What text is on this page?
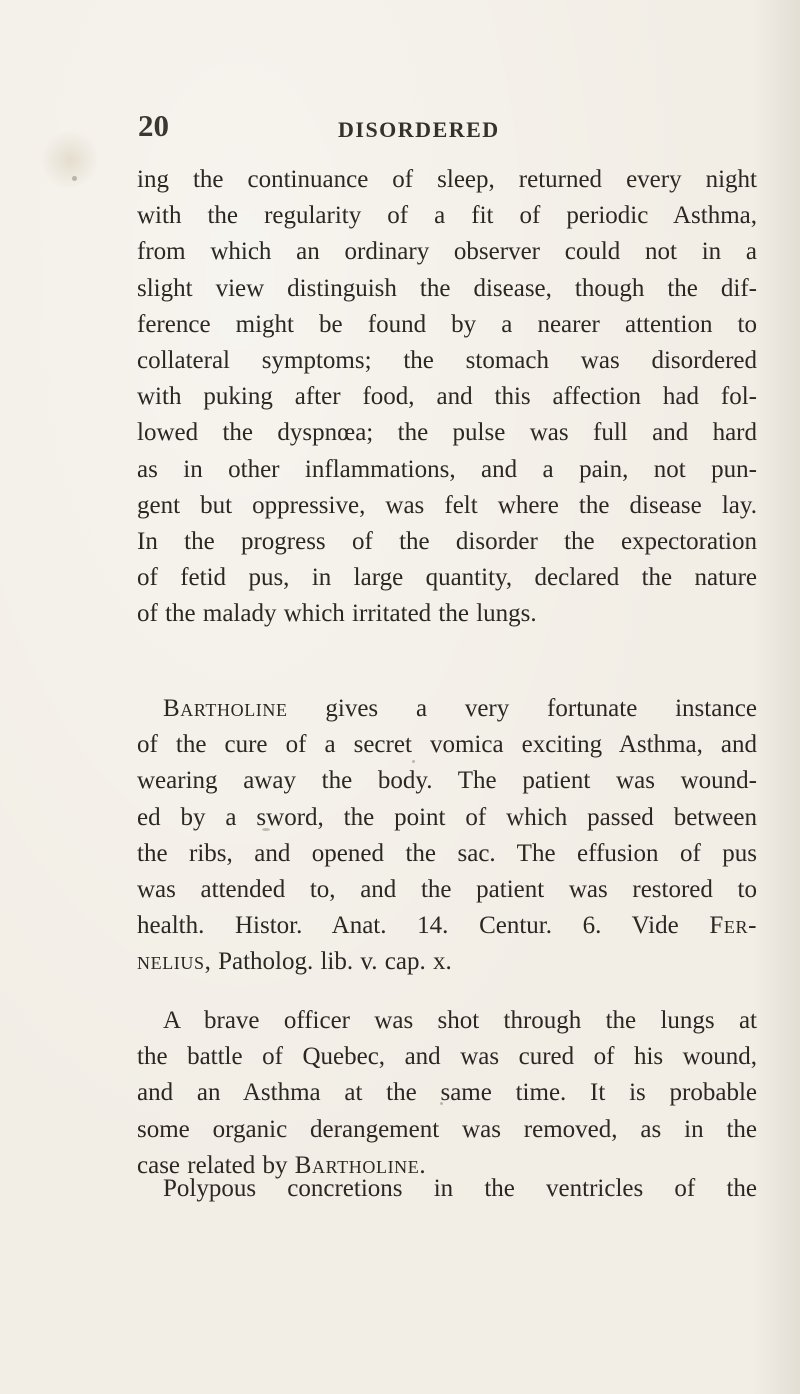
20	DISORDERED
ing the continuance of sleep, returned every night
with the regularity of a fit of periodic Asthma,
from which an ordinary observer could not in a
slight view distinguish the disease, though the dif-
ference might be found by a nearer attention to
collateral symptoms; the stomach was disordered
with puking after food, and this affection had fol-
lowed the dyspnœa; the pulse was full and hard
as in other inflammations, and a pain, not pun-
gent but oppressive, was felt where the disease lay.
In the progress of the disorder the expectoration
of fetid pus, in large quantity, declared the nature
of the malady which irritated the lungs.
Bartholine gives a very fortunate instance
of the cure of a secret vomica exciting Asthma, and
wearing away the body. The patient was wound-
ed by a sword, the point of which passed between
the ribs, and opened the sac. The effusion of pus
was attended to, and the patient was restored to
health. Histor. Anat. 14. Centur. 6. Vide Fer-
nelius, Patholog. lib. v. cap. x.
A brave officer was shot through the lungs at
the battle of Quebec, and was cured of his wound,
and an Asthma at the same time. It is probable
some organic derangement was removed, as in the
case related by Bartholine.
Polypous concretions in the ventricles of the
